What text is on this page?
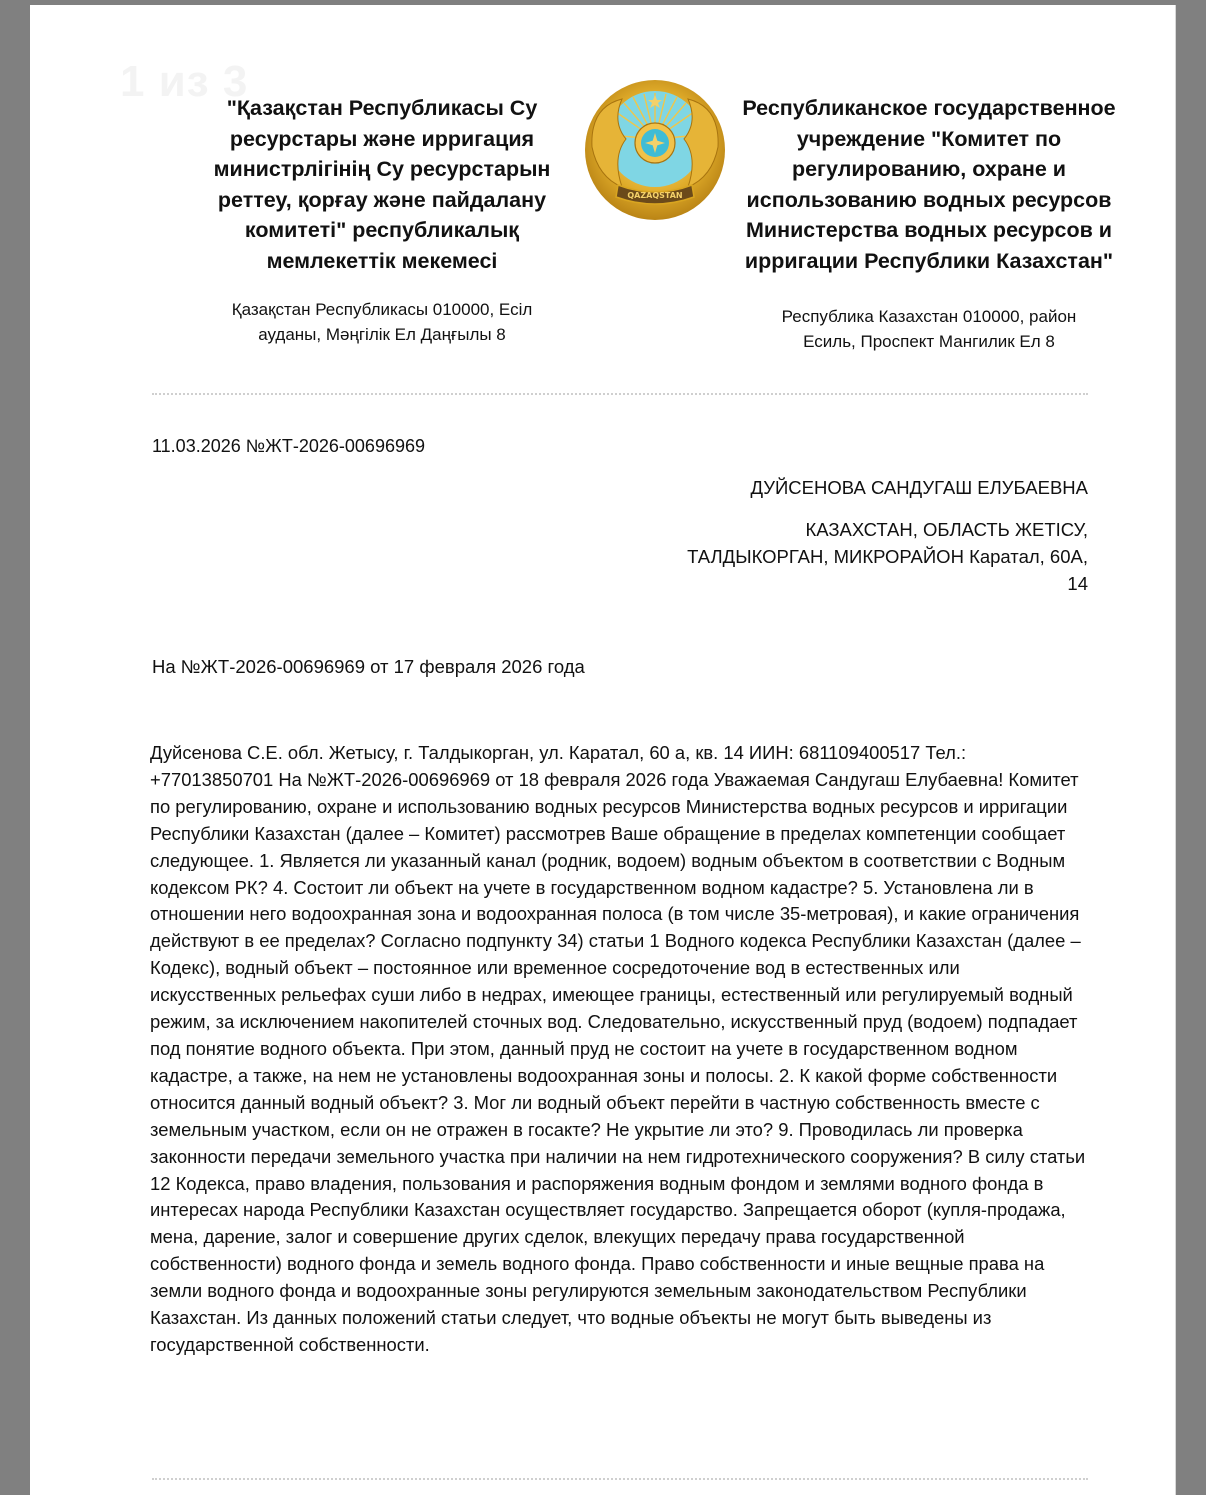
1 из 3
"Қазақстан Республикасы Су
ресурстары және ирригация
министрлігінің Су ресурстарын
реттеу, қорғау және пайдалану
комитеті" республикалық
мемлекеттік мекемесі
QAZAQSTAN
Республиканское государственное
учреждение "Комитет по
регулированию, охране и
использованию водных ресурсов
Министерства водных ресурсов и
ирригации Республики Казахстан"
Қазақстан Республикасы 010000, Есіл
ауданы, Мәңгілік Ел Даңғылы 8
Республика Казахстан 010000, район
Есиль, Проспект Мангилик Ел 8
11.03.2026 №ЖТ-2026-00696969
ДУЙСЕНОВА САНДУГАШ ЕЛУБАЕВНА
КАЗАХСТАН, ОБЛАСТЬ ЖЕТІСУ,
ТАЛДЫКОРГАН, МИКРОРАЙОН Каратал, 60А,
14
На №ЖТ-2026-00696969 от 17 февраля 2026 года
Дуйсенова С.Е. обл. Жетысу, г. Талдыкорган, ул. Каратал, 60 а, кв. 14 ИИН: 681109400517 Тел.: +77013850701 На №ЖТ-2026-00696969 от 18 февраля 2026 года Уважаемая Сандугаш Елубаевна! Комитет по регулированию, охране и использованию водных ресурсов Министерства водных ресурсов и ирригации Республики Казахстан (далее – Комитет) рассмотрев Ваше обращение в пределах компетенции сообщает следующее. 1. Является ли указанный канал (родник, водоем) водным объектом в соответствии с Водным кодексом РК? 4. Состоит ли объект на учете в государственном водном кадастре? 5. Установлена ли в отношении него водоохранная зона и водоохранная полоса (в том числе 35-метровая), и какие ограничения действуют в ее пределах? Согласно подпункту 34) статьи 1 Водного кодекса Республики Казахстан (далее – Кодекс), водный объект – постоянное или временное сосредоточение вод в естественных или искусственных рельефах суши либо в недрах, имеющее границы, естественный или регулируемый водный режим, за исключением накопителей сточных вод. Следовательно, искусственный пруд (водоем) подпадает под понятие водного объекта. При этом, данный пруд не состоит на учете в государственном водном кадастре, а также, на нем не установлены водоохранная зоны и полосы. 2. К какой форме собственности относится данный водный объект? 3. Мог ли водный объект перейти в частную собственность вместе с земельным участком, если он не отражен в госакте? Не укрытие ли это? 9. Проводилась ли проверка законности передачи земельного участка при наличии на нем гидротехнического сооружения? В силу статьи 12 Кодекса, право владения, пользования и распоряжения водным фондом и землями водного фонда в интересах народа Республики Казахстан осуществляет государство. Запрещается оборот (купля-продажа, мена, дарение, залог и совершение других сделок, влекущих передачу права государственной собственности) водного фонда и земель водного фонда. Право собственности и иные вещные права на земли водного фонда и водоохранные зоны регулируются земельным законодательством Республики Казахстан. Из данных положений статьи следует, что водные объекты не могут быть выведены из государственной собственности.
